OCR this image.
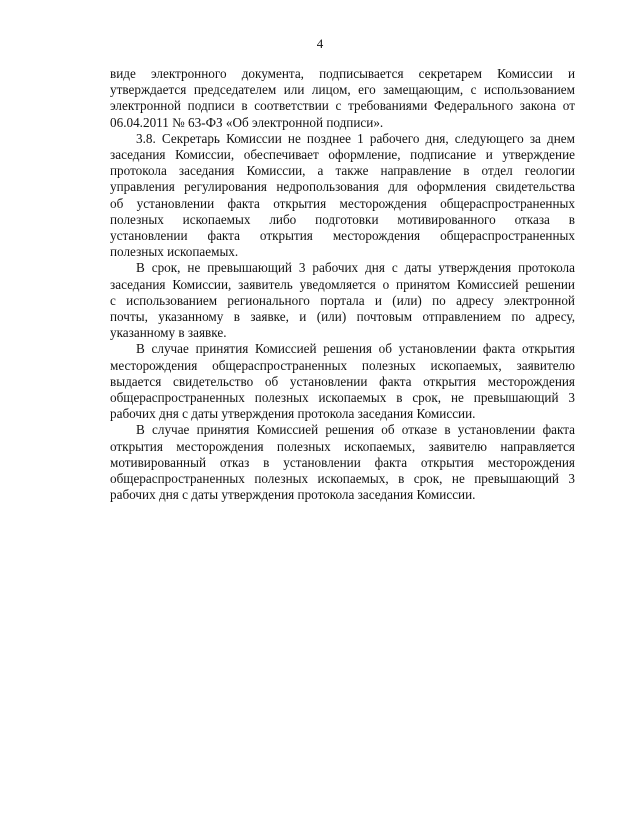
4

виде электронного документа, подписывается секретарем Комиссии и
утверждается председателем или лицом, его замещающим, с использованием
электронной подписи в соответствии с требованиями Федерального закона от
06.04.2011 № 63-ФЗ «Об электронной подписи».

3.8. Секретарь Комиссии не позднее 1 рабочего дня, следующего за днем
заседания Комиссии, обеспечивает оформление, подписание и утверждение
протокола заседания Комиссии, а также направление в отдел геологии
управления регулирования недропользования для оформления свидетельства
об установлении факта открытия месторождения общераспространенных
полезных ископаемых либо подготовки мотивированного отказа в
установлении факта открытия месторождения общераспространенных
полезных ископаемых.

В срок, не превышающий 3 рабочих дня с даты утверждения протокола
заседания Комиссии, заявитель уведомляется о принятом Комиссией решении
с использованием регионального портала и (или) по адресу электронной
почты, указанному в заявке, и (или) почтовым отправлением по адресу,
указанному в заявке.

В случае принятия Комиссией решения об установлении факта открытия
месторождения общераспространенных полезных ископаемых, заявителю
выдается свидетельство об установлении факта открытия месторождения
общераспространенных полезных ископаемых в срок, не превышающий 3
рабочих дня с даты утверждения протокола заседания Комиссии.

В случае принятия Комиссией решения об отказе в установлении факта
открытия месторождения полезных ископаемых, заявителю направляется
мотивированный отказ в установлении факта открытия месторождения
общераспространенных полезных ископаемых, в срок, не превышающий 3
рабочих дня с даты утверждения протокола заседания Комиссии.
